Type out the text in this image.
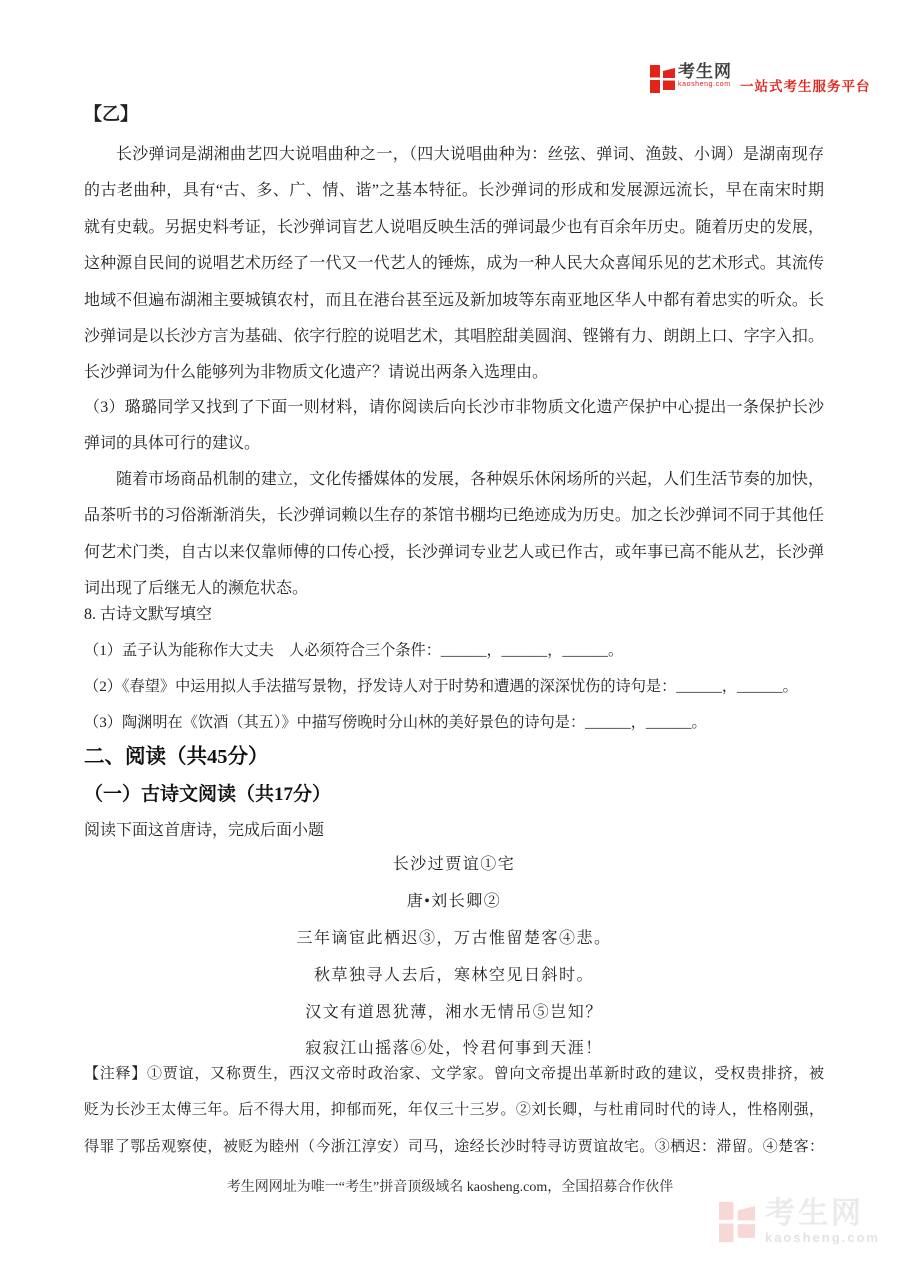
考生网
kaosheng.com 一站式考生服务平台
【乙】
长沙弹词是湖湘曲艺四大说唱曲种之一，（四大说唱曲种为：丝弦、弹词、渔鼓、小调）是湖南现存
的古老曲种，具有“古、多、广、情、谐”之基本特征。长沙弹词的形成和发展源远流长，早在南宋时期
就有史载。另据史料考证，长沙弹词盲艺人说唱反映生活的弹词最少也有百余年历史。随着历史的发展，
这种源自民间的说唱艺术历经了一代又一代艺人的锤炼，成为一种人民大众喜闻乐见的艺术形式。其流传
地域不但遍布湖湘主要城镇农村，而且在港台甚至远及新加坡等东南亚地区华人中都有着忠实的听众。长
沙弹词是以长沙方言为基础、依字行腔的说唱艺术，其唱腔甜美圆润、铿锵有力、朗朗上口、字字入扣。
长沙弹词为什么能够列为非物质文化遗产？请说出两条入选理由。
（3）璐璐同学又找到了下面一则材料，请你阅读后向长沙市非物质文化遗产保护中心提出一条保护长沙
弹词的具体可行的建议。
随着市场商品机制的建立，文化传播媒体的发展，各种娱乐休闲场所的兴起，人们生活节奏的加快，
品茶听书的习俗渐渐消失，长沙弹词赖以生存的茶馆书棚均已绝迹成为历史。加之长沙弹词不同于其他任
何艺术门类，自古以来仅靠师傅的口传心授，长沙弹词专业艺人或已作古，或年事已高不能从艺，长沙弹
词出现了后继无人的濒危状态。
8. 古诗文默写填空
（1）孟子认为能称作大丈夫　人必须符合三个条件：______，______，______。
（2）《春望》中运用拟人手法描写景物，抒发诗人对于时势和遭遇的深深忧伤的诗句是：______，______。
（3）陶渊明在《饮酒（其五）》中描写傍晚时分山林的美好景色的诗句是：______，______。
二、阅读（共45分）
（一）古诗文阅读（共17分）
阅读下面这首唐诗，完成后面小题
长沙过贾谊①宅
唐•刘长卿②
三年谪宦此栖迟③，万古惟留楚客④悲。
秋草独寻人去后，寒林空见日斜时。
汉文有道恩犹薄，湘水无情吊⑤岂知？
寂寂江山摇落⑥处，怜君何事到天涯！
【注释】①贾谊，又称贾生，西汉文帝时政治家、文学家。曾向文帝提出革新时政的建议，受权贵排挤，被
贬为长沙王太傅三年。后不得大用，抑郁而死，年仅三十三岁。②刘长卿，与杜甫同时代的诗人，性格刚强，
得罪了鄂岳观察使，被贬为睦州（今浙江淳安）司马，途经长沙时特寻访贾谊故宅。③栖迟：滞留。④楚客：
考生网网址为唯一“考生”拼音顶级域名 kaosheng.com，全国招募合作伙伴
考生网
kaosheng.com
